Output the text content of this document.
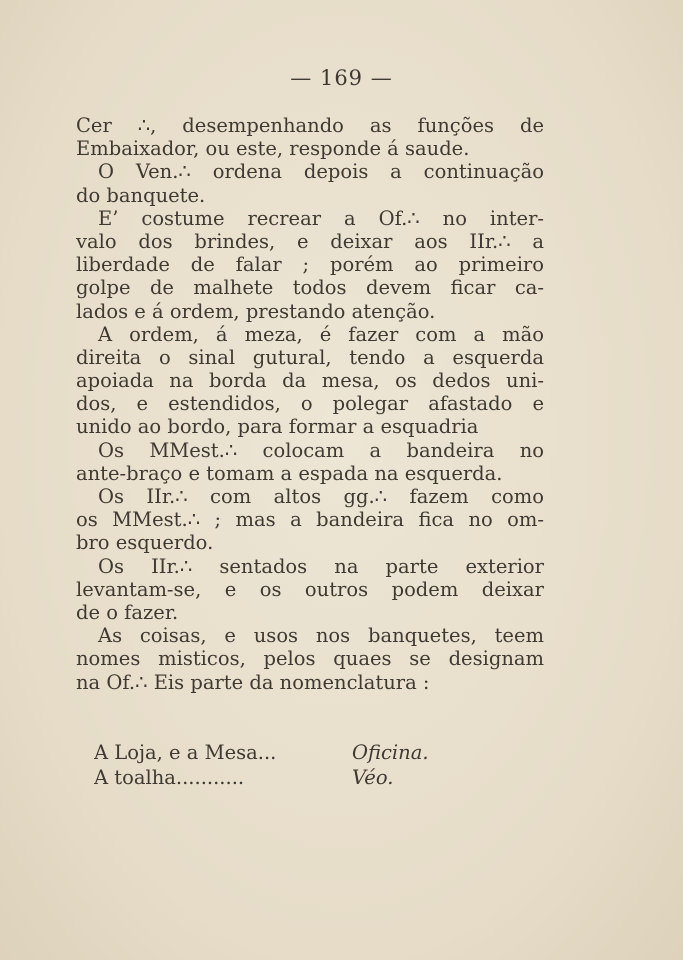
— 169 —
Cer ∴, desempenhando as funções de
Embaixador, ou este, responde á saude.
O Ven.∴ ordena depois a continuação
do banquete.
E’ costume recrear a Of.∴ no inter-
valo dos brindes, e deixar aos IIr.∴ a
liberdade de falar ; porém ao primeiro
golpe de malhete todos devem ficar ca-
lados e á ordem, prestando atenção.
A ordem, á meza, é fazer com a mão
direita o sinal gutural, tendo a esquerda
apoiada na borda da mesa, os dedos uni-
dos, e estendidos, o polegar afastado e
unido ao bordo, para formar a esquadria
Os MMest.∴ colocam a bandeira no
ante-braço e tomam a espada na esquerda.
Os IIr.∴ com altos gg.∴ fazem como
os MMest.∴ ; mas a bandeira fica no om-
bro esquerdo.
Os IIr.∴ sentados na parte exterior
levantam-se, e os outros podem deixar
de o fazer.
As coisas, e usos nos banquetes, teem
nomes misticos, pelos quaes se designam
na Of.∴ Eis parte da nomenclatura :
A Loja, e a Mesa...	Oficina.
A toalha...........	Véo.
